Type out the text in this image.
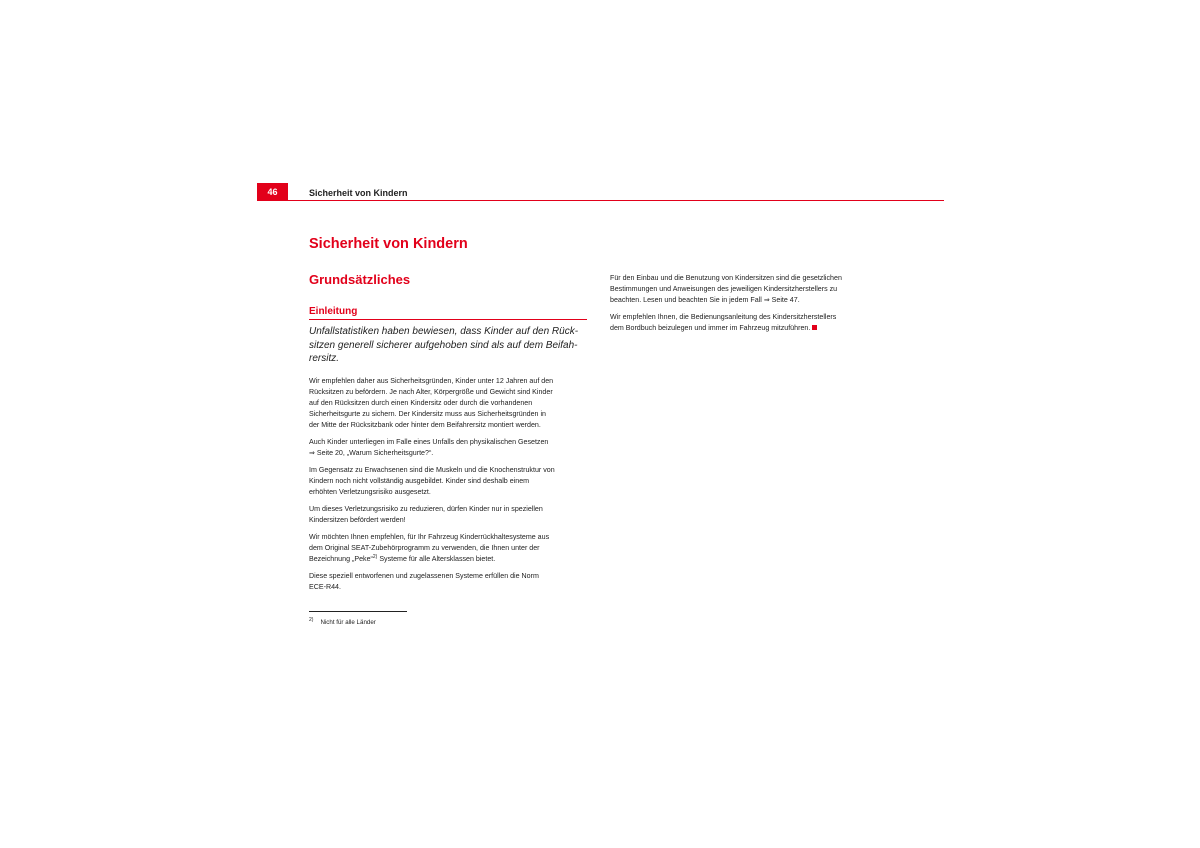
46	Sicherheit von Kindern
Sicherheit von Kindern
Grundsätzliches
Einleitung

Unfallstatistiken haben bewiesen, dass Kinder auf den Rück-
sitzen generell sicherer aufgehoben sind als auf dem Beifah-
rersitz.

Wir empfehlen daher aus Sicherheitsgründen, Kinder unter 12 Jahren auf den
Rücksitzen zu befördern. Je nach Alter, Körpergröße und Gewicht sind Kinder
auf den Rücksitzen durch einen Kindersitz oder durch die vorhandenen
Sicherheitsgurte zu sichern. Der Kindersitz muss aus Sicherheitsgründen in
der Mitte der Rücksitzbank oder hinter dem Beifahrersitz montiert werden.

Auch Kinder unterliegen im Falle eines Unfalls den physikalischen Gesetzen
⇒ Seite 20, „Warum Sicherheitsgurte?“.

Im Gegensatz zu Erwachsenen sind die Muskeln und die Knochenstruktur von
Kindern noch nicht vollständig ausgebildet. Kinder sind deshalb einem
erhöhten Verletzungsrisiko ausgesetzt.

Um dieses Verletzungsrisiko zu reduzieren, dürfen Kinder nur in speziellen
Kindersitzen befördert werden!

Wir möchten Ihnen empfehlen, für Ihr Fahrzeug Kinderrückhaltesysteme aus
dem Original SEAT-Zubehörprogramm zu verwenden, die Ihnen unter der
Bezeichnung „Peke“$^{2)}$ Systeme für alle Altersklassen bietet.

Diese speziell entworfenen und zugelassenen Systeme erfüllen die Norm
ECE-R44.

$^{2)}$ Nicht für alle Länder

Für den Einbau und die Benutzung von Kindersitzen sind die gesetzlichen
Bestimmungen und Anweisungen des jeweiligen Kindersitzherstellers zu
beachten. Lesen und beachten Sie in jedem Fall ⇒ Seite 47.

Wir empfehlen Ihnen, die Bedienungsanleitung des Kindersitzherstellers
dem Bordbuch beizulegen und immer im Fahrzeug mitzuführen.
